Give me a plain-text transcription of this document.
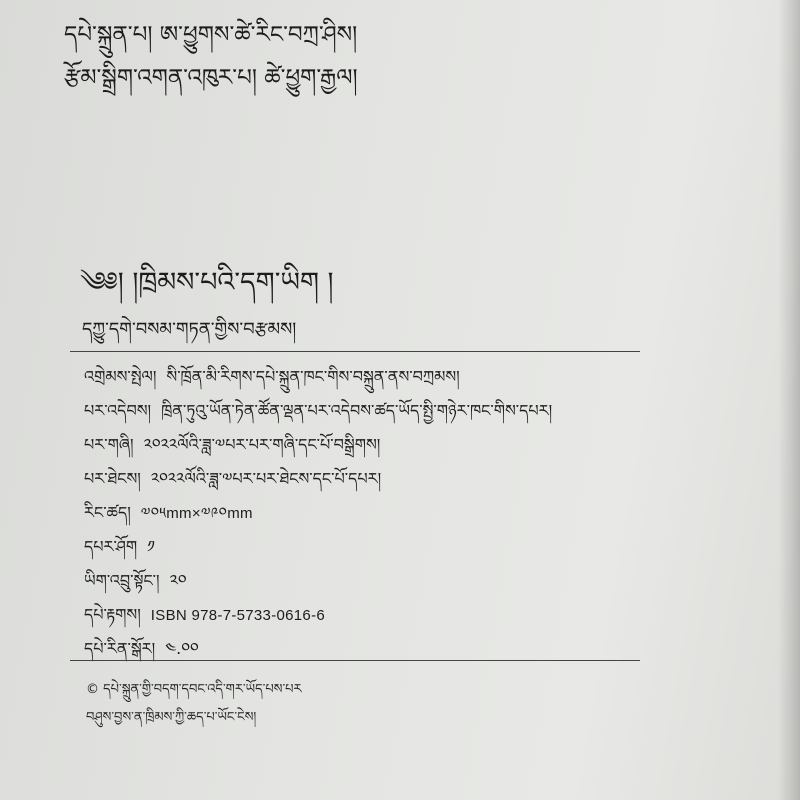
དཔེ་སྐྲུན་པ། ཨ་ཕྱུགས་ཚེ་རིང་བཀྲ་ཤིས།
རྩོམ་སྒྲིག་འགན་འཁུར་པ། ཚེ་ཕྱུག་རྒྱལ།
༄༅། །ཁྲིམས་པའི་དག་ཡིག །
དཀྱུ་དགེ་བསམ་གཏན་གྱིས་བརྩམས།
འགྲེམས་སྤེལ། སི་ཁྲོན་མི་རིགས་དཔེ་སྐྲུན་ཁང་གིས་བསྐྲུན་ནས་བཀྲམས།
པར་འདེབས། ཁྲིན་ཏུའུ་ཡོན་ཏེན་ཚོན་ལྡན་པར་འདེབས་ཚད་ཡོད་སྤྱི་གཉེར་ཁང་གིས་དཔར།
པར་གཞི། ༢༠༢༢ལོའི་ཟླ་༧པར་པར་གཞི་དང་པོ་བསྒྲིགས།
པར་ཐེངས། ༢༠༢༢ལོའི་ཟླ་༧པར་པར་ཐེངས་དང་པོ་དཔར།
རིང་ཚད། ༧༠༥mm×༧༩༠mm
དཔར་ཤོག ༡
ཡིག་འབྲུ་སྟོང་། ༢༠
དཔེ་རྟགས། ISBN 978-7-5733-0616-6
དཔེ་རིན་སྒོར། ༤.༠༠
© དཔེ་སྐྲུན་གྱི་བདག་དབང་འདི་གར་ཡོད་པས་པར
བཤུས་བྱས་ན་ཁྲིམས་ཀྱི་ཆད་པ་ཡོང་ངེས།
